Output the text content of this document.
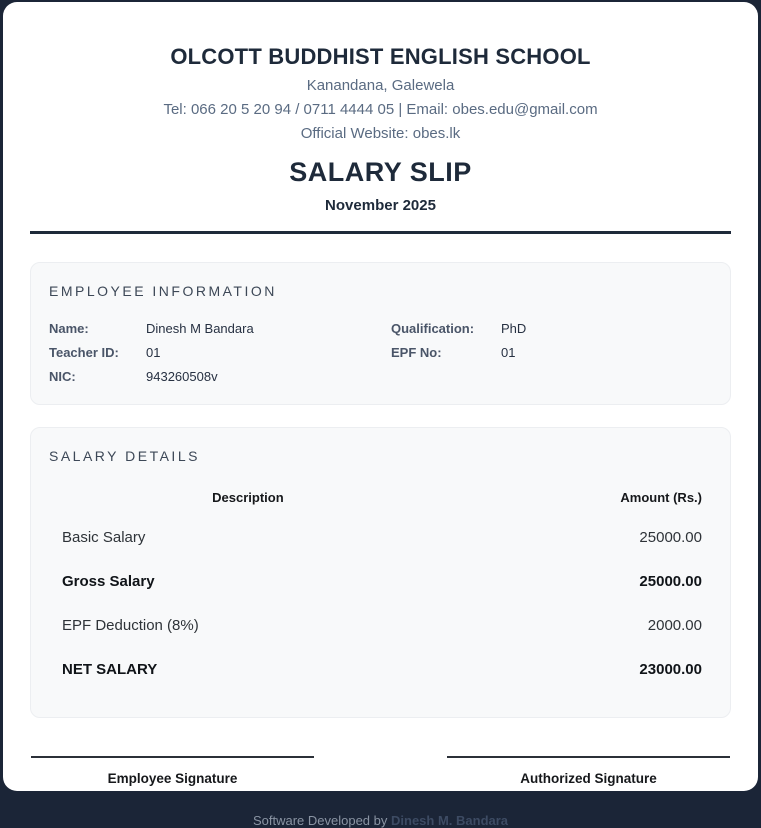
OLCOTT BUDDHIST ENGLISH SCHOOL
Kanandana, Galewela
Tel: 066 20 5 20 94 / 0711 4444 05 | Email: obes.edu@gmail.com
Official Website: obes.lk
SALARY SLIP
November 2025
EMPLOYEE INFORMATION
Name:	Dinesh M Bandara	Qualification:	PhD
Teacher ID:	01	EPF No:	01
NIC:	943260508v
SALARY DETAILS
Description	Amount (Rs.)
Basic Salary	25000.00
Gross Salary	25000.00
EPF Deduction (8%)	2000.00
NET SALARY	23000.00
Employee Signature	Authorized Signature
Software Developed by Dinesh M. Bandara
